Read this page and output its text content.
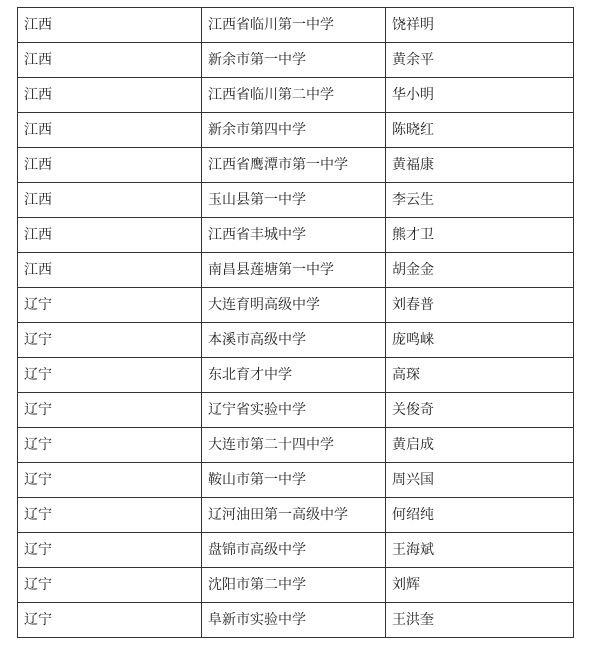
江西	江西省临川第一中学	饶祥明
江西	新余市第一中学	黄余平
江西	江西省临川第二中学	华小明
江西	新余市第四中学	陈晓红
江西	江西省鹰潭市第一中学	黄福康
江西	玉山县第一中学	李云生
江西	江西省丰城中学	熊才卫
江西	南昌县莲塘第一中学	胡金金
辽宁	大连育明高级中学	刘春普
辽宁	本溪市高级中学	庞鸣崃
辽宁	东北育才中学	高琛
辽宁	辽宁省实验中学	关俊奇
辽宁	大连市第二十四中学	黄启成
辽宁	鞍山市第一中学	周兴国
辽宁	辽河油田第一高级中学	何绍纯
辽宁	盘锦市高级中学	王海斌
辽宁	沈阳市第二中学	刘辉
辽宁	阜新市实验中学	王洪奎
